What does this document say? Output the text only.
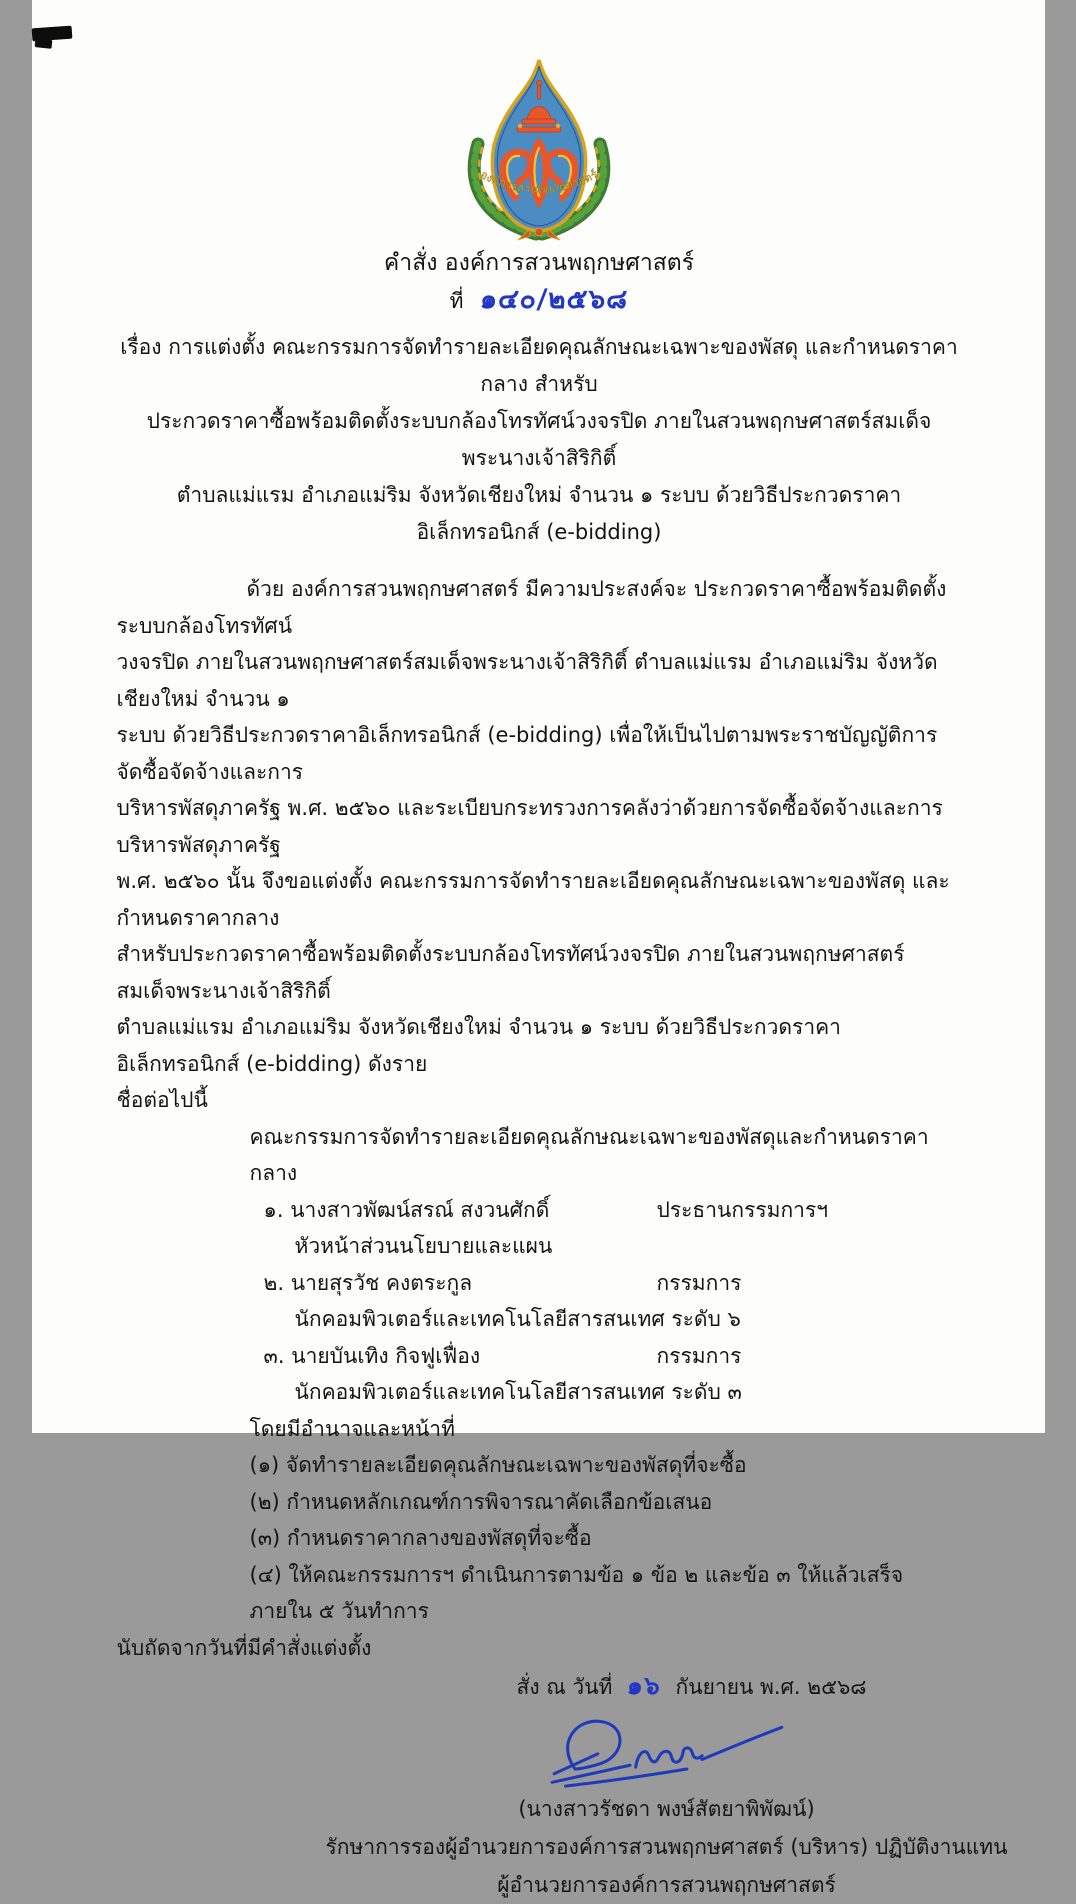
องค์การสวนพฤกษศาสตร์
คำสั่ง องค์การสวนพฤกษศาสตร์
ที่ ๑๔๐/๒๕๖๘
เรื่อง การแต่งตั้ง คณะกรรมการจัดทำรายละเอียดคุณลักษณะเฉพาะของพัสดุ และกำหนดราคากลาง สำหรับ
ประกวดราคาซื้อพร้อมติดตั้งระบบกล้องโทรทัศน์วงจรปิด ภายในสวนพฤกษศาสตร์สมเด็จพระนางเจ้าสิริกิติ์
ตำบลแม่แรม อำเภอแม่ริม จังหวัดเชียงใหม่ จำนวน ๑ ระบบ ด้วยวิธีประกวดราคาอิเล็กทรอนิกส์ (e-bidding)
ด้วย องค์การสวนพฤกษศาสตร์ มีความประสงค์จะ ประกวดราคาซื้อพร้อมติดตั้งระบบกล้องโทรทัศน์
วงจรปิด ภายในสวนพฤกษศาสตร์สมเด็จพระนางเจ้าสิริกิติ์ ตำบลแม่แรม อำเภอแม่ริม จังหวัดเชียงใหม่ จำนวน ๑
ระบบ ด้วยวิธีประกวดราคาอิเล็กทรอนิกส์ (e-bidding) เพื่อให้เป็นไปตามพระราชบัญญัติการจัดซื้อจัดจ้างและการ
บริหารพัสดุภาครัฐ พ.ศ. ๒๕๖๐ และระเบียบกระทรวงการคลังว่าด้วยการจัดซื้อจัดจ้างและการบริหารพัสดุภาครัฐ
พ.ศ. ๒๕๖๐ นั้น จึงขอแต่งตั้ง คณะกรรมการจัดทำรายละเอียดคุณลักษณะเฉพาะของพัสดุ และกำหนดราคากลาง
สำหรับประกวดราคาซื้อพร้อมติดตั้งระบบกล้องโทรทัศน์วงจรปิด ภายในสวนพฤกษศาสตร์สมเด็จพระนางเจ้าสิริกิติ์
ตำบลแม่แรม อำเภอแม่ริม จังหวัดเชียงใหม่ จำนวน ๑ ระบบ ด้วยวิธีประกวดราคาอิเล็กทรอนิกส์ (e-bidding) ดังราย
ชื่อต่อไปนี้
คณะกรรมการจัดทำรายละเอียดคุณลักษณะเฉพาะของพัสดุและกำหนดราคากลาง
๑. นางสาวพัฒน์สรณ์ สงวนศักดิ์	ประธานกรรมการฯ
หัวหน้าส่วนนโยบายและแผน
๒. นายสุรวัช คงตระกูล	กรรมการ
นักคอมพิวเตอร์และเทคโนโลยีสารสนเทศ ระดับ ๖
๓. นายบันเทิง กิจฟูเฟื่อง	กรรมการ
นักคอมพิวเตอร์และเทคโนโลยีสารสนเทศ ระดับ ๓
โดยมีอำนาจและหน้าที่
(๑) จัดทำรายละเอียดคุณลักษณะเฉพาะของพัสดุที่จะซื้อ
(๒) กำหนดหลักเกณฑ์การพิจารณาคัดเลือกข้อเสนอ
(๓) กำหนดราคากลางของพัสดุที่จะซื้อ
(๔) ให้คณะกรรมการฯ ดำเนินการตามข้อ ๑ ข้อ ๒ และข้อ ๓ ให้แล้วเสร็จภายใน ๕ วันทำการ
นับถัดจากวันที่มีคำสั่งแต่งตั้ง
สั่ง ณ วันที่ ๑๖ กันยายน พ.ศ. ๒๕๖๘
(นางสาวรัชดา พงษ์สัตยาพิพัฒน์)
รักษาการรองผู้อำนวยการองค์การสวนพฤกษศาสตร์ (บริหาร) ปฏิบัติงานแทน
ผู้อำนวยการองค์การสวนพฤกษศาสตร์
